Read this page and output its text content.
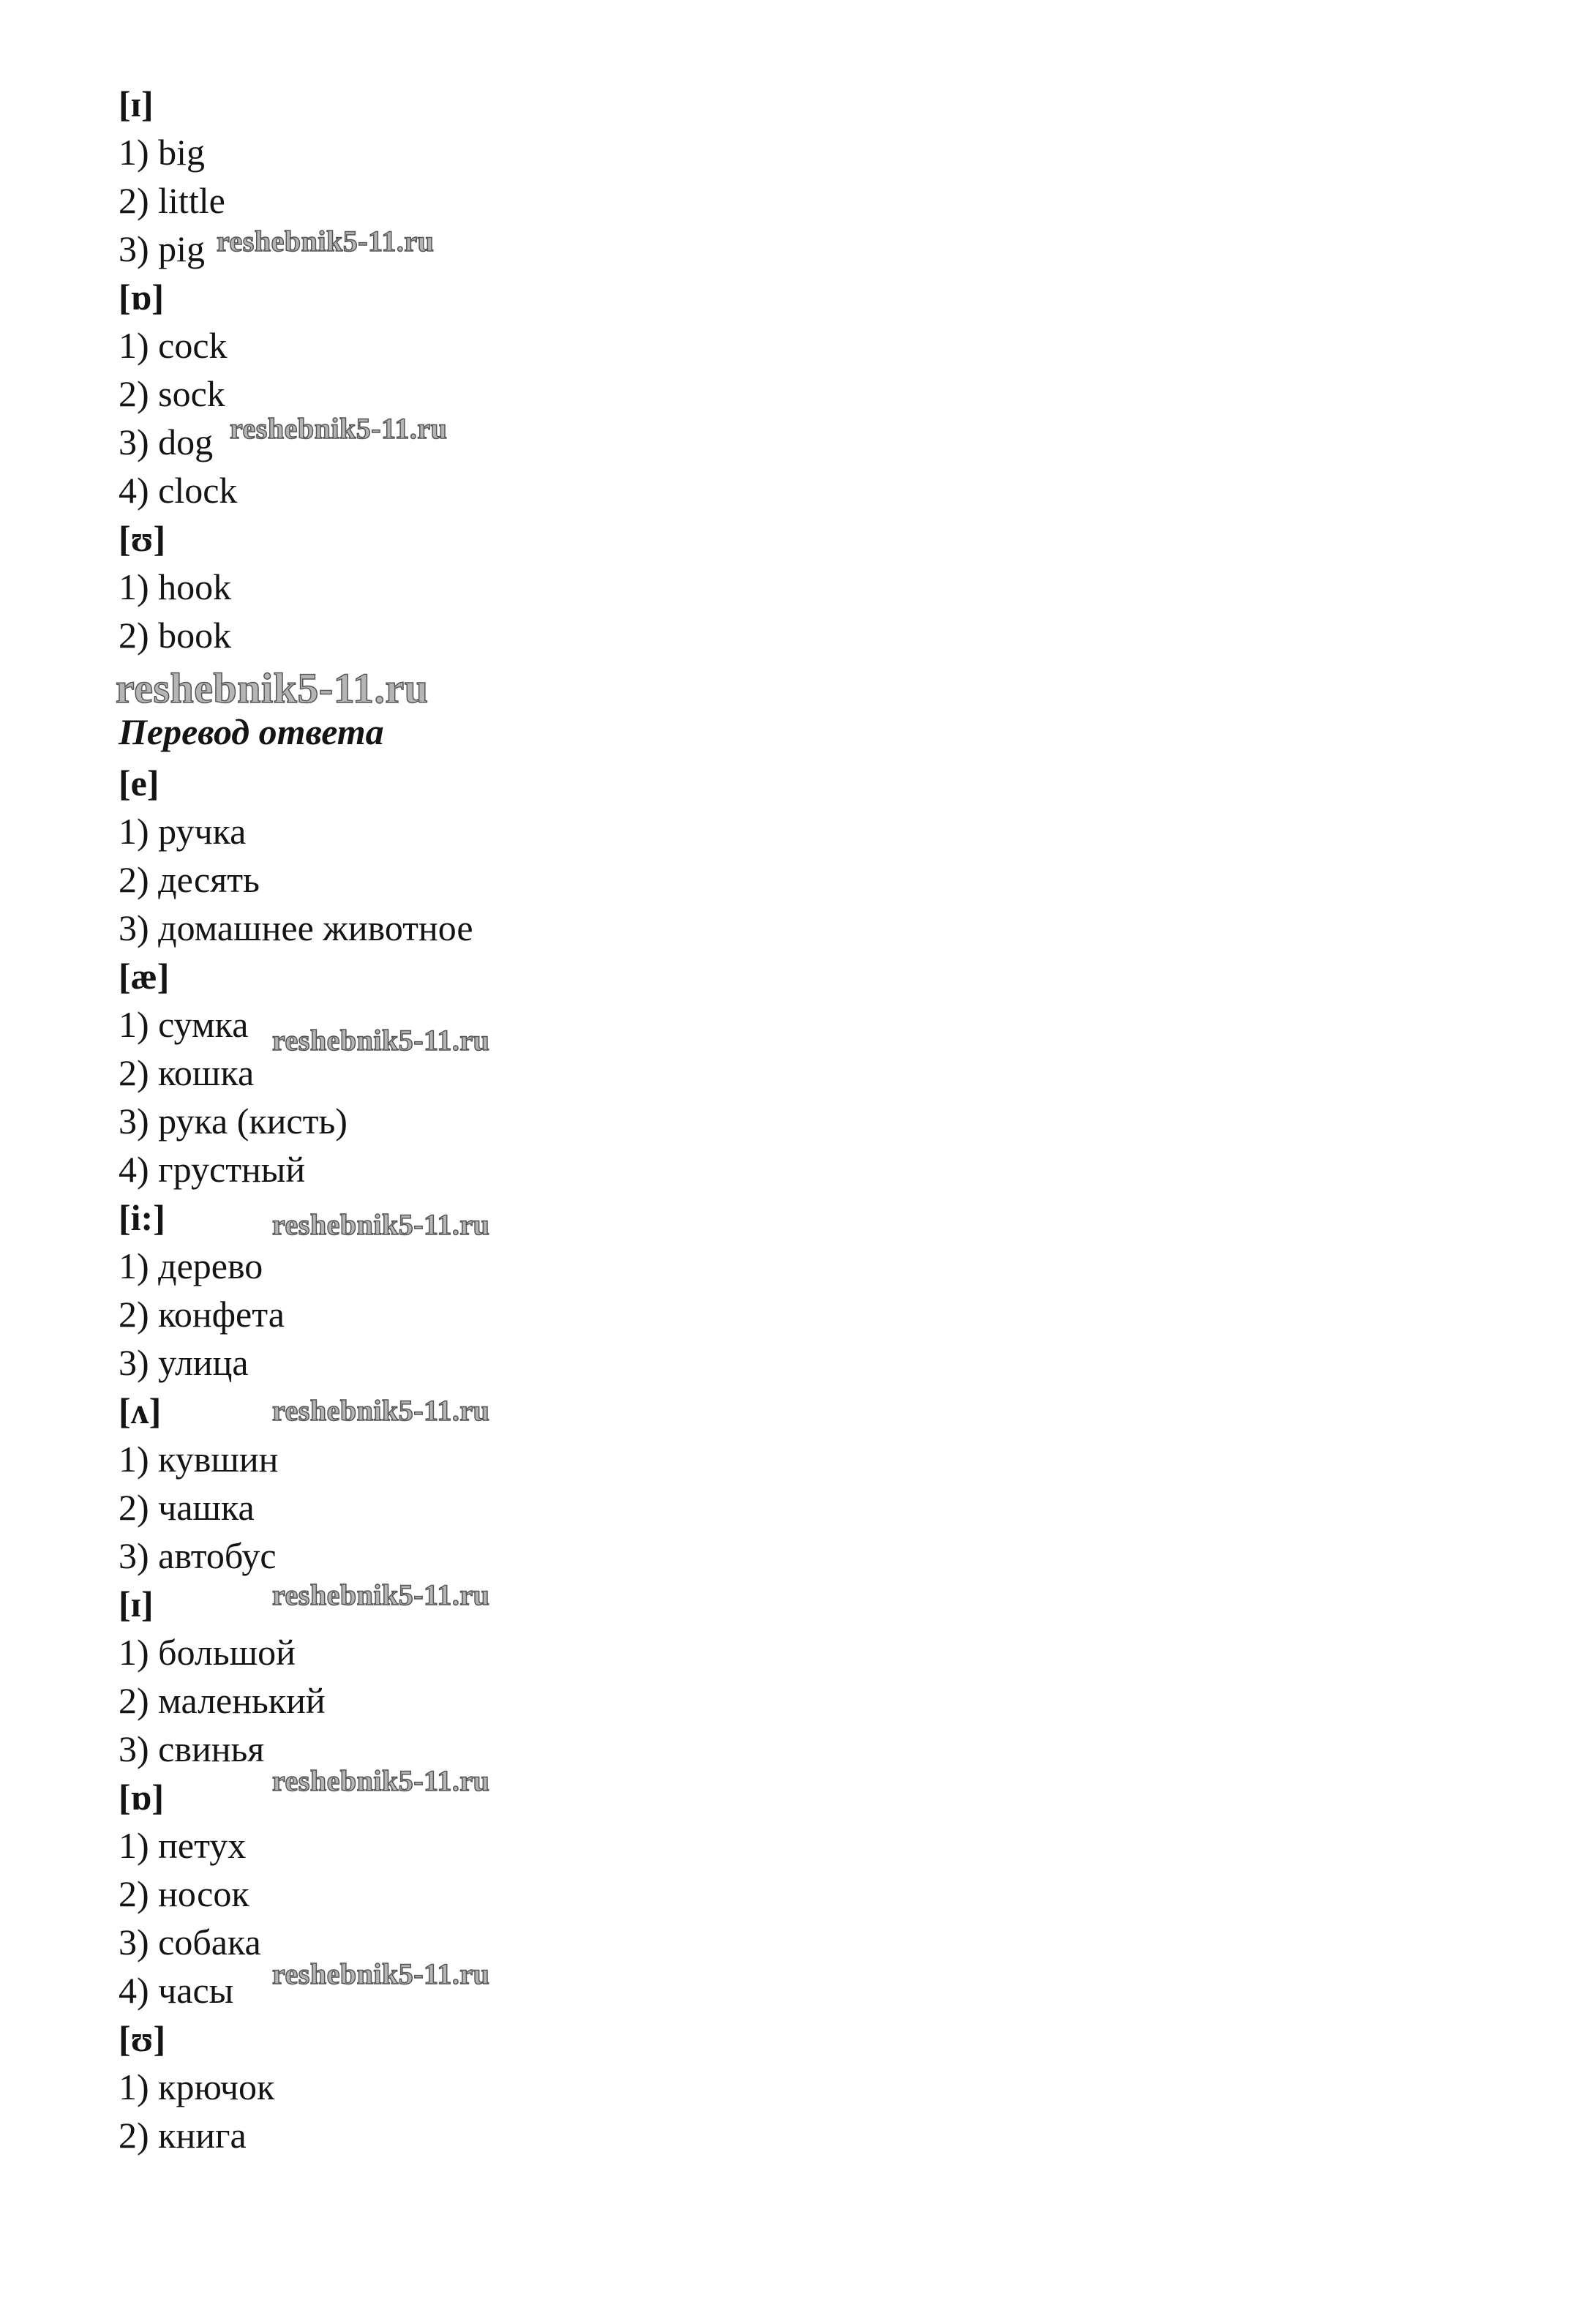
[ɪ]
1) big
2) little
3) pig
[ɒ]
1) cock
2) sock
3) dog
4) clock
[ʊ]
1) hook
2) book
Перевод ответа
[e]
1) ручка
2) десять
3) домашнее животное
[æ]
1) сумка
2) кошка
3) рука (кисть)
4) грустный
[i:]
1) дерево
2) конфета
3) улица
[ʌ]
1) кувшин
2) чашка
3) автобус
[ɪ]
1) большой
2) маленький
3) свинья
[ɒ]
1) петух
2) носок
3) собака
4) часы
[ʊ]
1) крючок
2) книга
reshebnik5-11.ru
reshebnik5-11.ru
reshebnik5-11.ru
reshebnik5-11.ru
reshebnik5-11.ru
reshebnik5-11.ru
reshebnik5-11.ru
reshebnik5-11.ru
reshebnik5-11.ru
